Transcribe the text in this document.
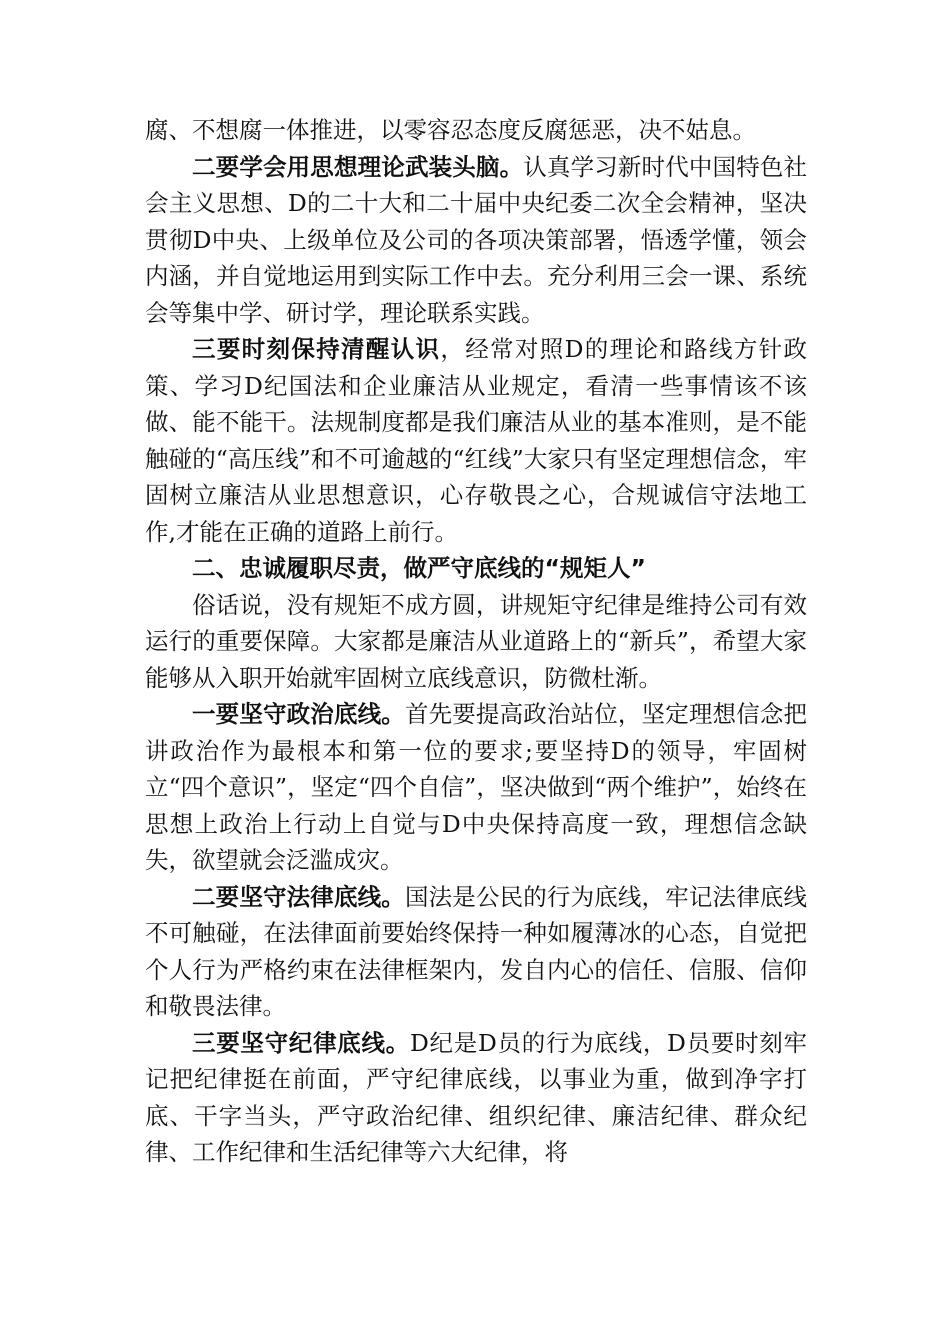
腐、不想腐一体推进，以零容忍态度反腐惩恶，决不姑息。

二要学会用思想理论武装头脑。认真学习新时代中国特色社会主义思想、D的二十大和二十届中央纪委二次全会精神，坚决贯彻D中央、上级单位及公司的各项决策部署，悟透学懂，领会内涵，并自觉地运用到实际工作中去。充分利用三会一课、系统会等集中学、研讨学，理论联系实践。

三要时刻保持清醒认识，经常对照D的理论和路线方针政策、学习D纪国法和企业廉洁从业规定，看清一些事情该不该做、能不能干。法规制度都是我们廉洁从业的基本准则，是不能触碰的“高压线”和不可逾越的“红线”大家只有坚定理想信念，牢固树立廉洁从业思想意识，心存敬畏之心，合规诚信守法地工作,才能在正确的道路上前行。

二、忠诚履职尽责，做严守底线的“规矩人”

俗话说，没有规矩不成方圆，讲规矩守纪律是维持公司有效运行的重要保障。大家都是廉洁从业道路上的“新兵”，希望大家能够从入职开始就牢固树立底线意识，防微杜渐。

一要坚守政治底线。首先要提高政治站位，坚定理想信念把讲政治作为最根本和第一位的要求;要坚持D的领导，牢固树立“四个意识”，坚定“四个自信”，坚决做到“两个维护”，始终在思想上政治上行动上自觉与D中央保持高度一致，理想信念缺失，欲望就会泛滥成灾。

二要坚守法律底线。国法是公民的行为底线，牢记法律底线不可触碰，在法律面前要始终保持一种如履薄冰的心态，自觉把个人行为严格约束在法律框架内，发自内心的信任、信服、信仰和敬畏法律。

三要坚守纪律底线。D纪是D员的行为底线，D员要时刻牢记把纪律挺在前面，严守纪律底线，以事业为重，做到净字打底、干字当头，严守政治纪律、组织纪律、廉洁纪律、群众纪律、工作纪律和生活纪律等六大纪律，将
